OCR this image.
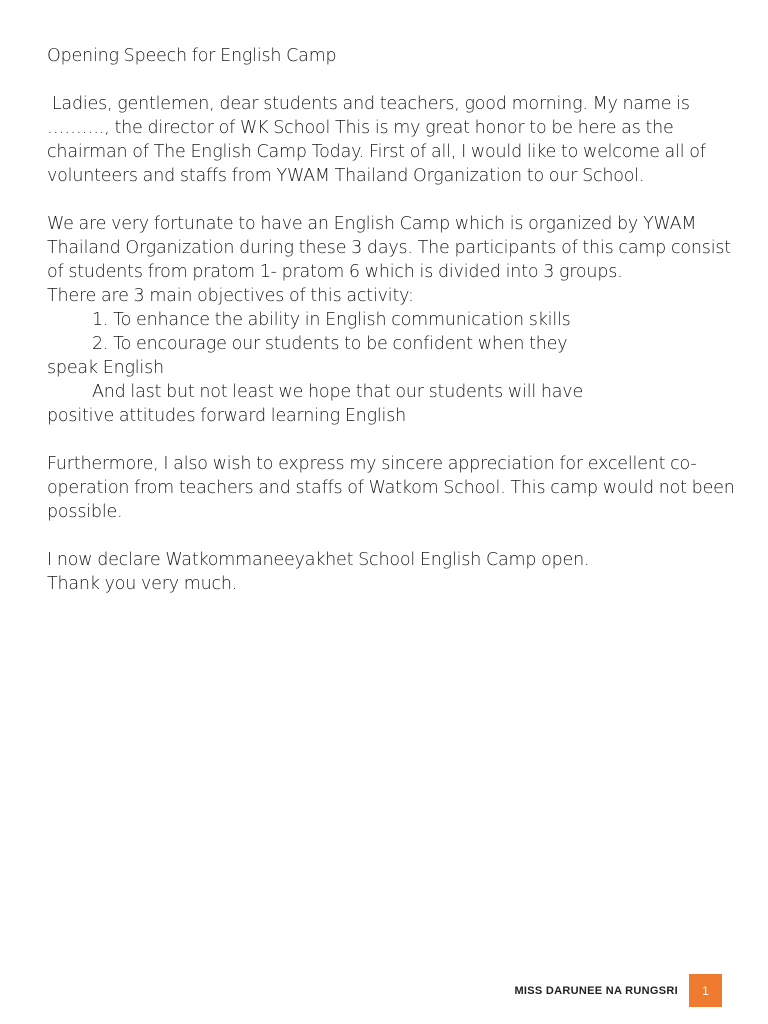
Opening Speech for English Camp

Ladies, gentlemen, dear students and teachers, good morning. My name is ………., the director of WK School This is my great honor to be here as the chairman of The English Camp Today. First of all, I would like to welcome all of volunteers and staffs from YWAM Thailand Organization to our School.

We are very fortunate to have an English Camp which is organized by YWAM Thailand Organization during these 3 days. The participants of this camp consist of students from pratom 1- pratom 6 which is divided into 3 groups.

There are 3 main objectives of this activity:

1. To enhance the ability in English communication skills

2. To encourage our students to be confident when they

speak English

And last but not least we hope that our students will have

positive attitudes forward learning English

Furthermore, I also wish to express my sincere appreciation for excellent co-operation from teachers and staffs of Watkom School. This camp would not been possible.

I now declare Watkommaneeyakhet School English Camp open.

Thank you very much.

MISS DARUNEE NA RUNGSRI	1
